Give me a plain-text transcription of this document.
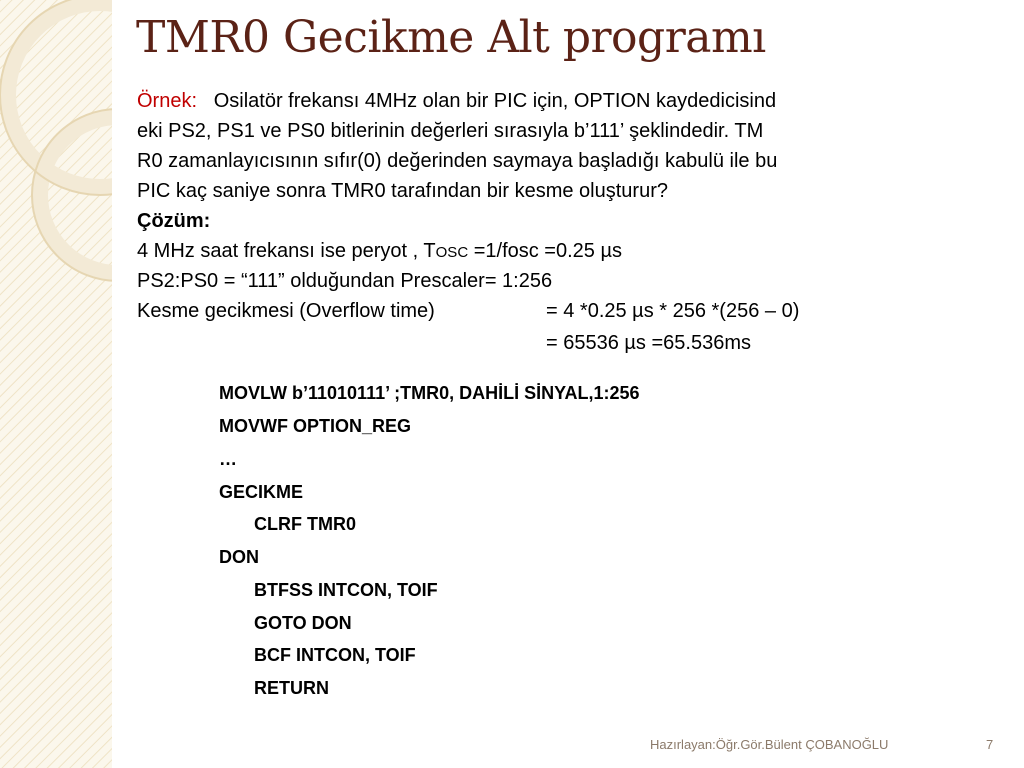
TMR0 Gecikme Alt programı
Örnek: Osilatör frekansı 4MHz olan bir PIC için, OPTION kaydedicisind
eki PS2, PS1 ve PS0 bitlerinin değerleri sırasıyla b’111’ şeklindedir. TM
R0 zamanlayıcısının sıfır(0) değerinden saymaya başladığı kabulü ile bu
PIC kaç saniye sonra TMR0 tarafından bir kesme oluşturur?
Çözüm:
4 MHz saat frekansı ise peryot , TOSC =1/fosc =0.25 µs
PS2:PS0 = “111” olduğundan Prescaler= 1:256
Kesme gecikmesi (Overflow time)	= 4 *0.25 µs * 256 *(256 – 0)
= 65536 µs =65.536ms
MOVLW b’11010111’ ;TMR0, DAHİLİ SİNYAL,1:256
MOVWF OPTION_REG
…
GECIKME
CLRF TMR0
DON
BTFSS INTCON, TOIF
GOTO DON
BCF INTCON, TOIF
RETURN
Hazırlayan:Öğr.Gör.Bülent ÇOBANOĞLU	7
